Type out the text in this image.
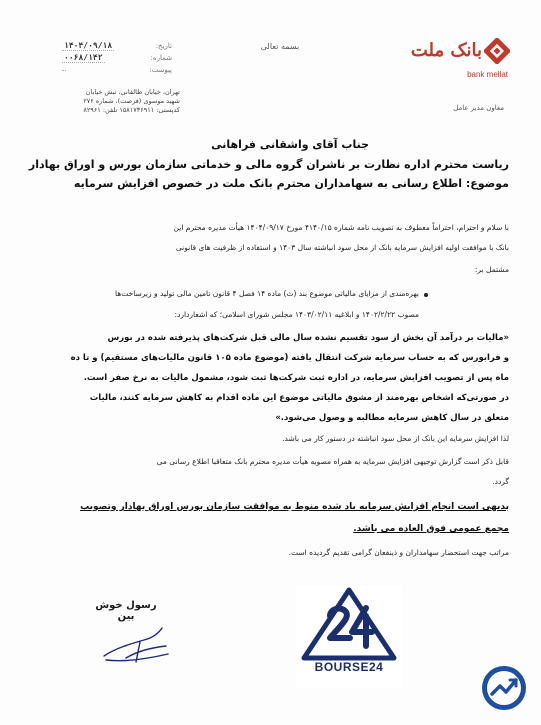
بسمه تعالی
تاریخ:
۱۴۰۴/۰۹/۱۸
شماره:
۰۰۶۸/۱۴۲
پیوست:
تهران، خیابان طالقانی، نبش خیابان
شهید موسوی (فرصت)، شماره ۲۷۶
کدپستی: ۱۵۸۱۷۳۶۹۱۱ تلفن: ۸۲۹۶۱
بانک ملت
bank mellat
معاون مدیر عامل
جناب آقای واشقانی فراهانی
ریاست محترم اداره نظارت بر ناشران گروه مالی و خدماتی سازمان بورس و اوراق بهادار
موضوع: اطلاع رسانی به سهامداران محترم بانک ملت در خصوص افزایش سرمایه
با سلام و احترام، احتراماً معطوف به تصویب نامه شماره ۴۱۴۰/۱۵ مورخ ۱۴۰۴/۰۹/۱۷ هیأت مدیره محترم این
بانک با موافقت اولیه افزایش سرمایه بانک از محل سود انباشته سال ۱۴۰۳ و استفاده از ظرفیت های قانونی
مشتمل بر:
بهره‌مندی از مزایای مالیاتی موضوع بند (ث) ماده ۱۴ فصل ۴ قانون تامین مالی تولید و زیرساخت‌ها
مصوب ۱۴۰۲/۲/۲۲ و ابلاغیه ۱۴۰۳/۰۲/۱۱ مجلس شورای اسلامی؛ که اشعاردارد:
«مالیات بر درآمد آن بخش از سود تقسیم نشده سال مالی قبل شرکت‌های پذیرفته شده در بورس
و فرابورس که به حساب سرمایه شرکت انتقال یافته (موضوع ماده ۱۰۵ قانون مالیات‌های مستقیم) و تا ده
ماه پس از تصویب افزایش سرمایه، در اداره ثبت شرکت‌ها ثبت شود، مشمول مالیات به نرخ صفر است.
در صورتی‌که اشخاص بهره‌مند از مشوق مالیاتی موضوع این ماده اقدام به کاهش سرمایه کنند، مالیات
متعلق در سال کاهش سرمایه مطالبه و وصول می‌شود.»
لذا افزایش سرمایه این بانک از محل سود انباشته در دستور کار می باشد.
قابل ذکر است گزارش توجیهی افزایش سرمایه به همراه مصوبه هیأت مدیره محترم بانک متعاقبا اطلاع رسانی می
گردد.
بدیهی است انجام افزایش سرمایه یاد شده منوط به موافقت سازمان بورس اوراق بهادار وتصویب
مجمع عمومی فوق العاده می باشد.
مراتب جهت استحضار سهامداران و ذینفعان گرامی تقدیم گردیده است.
رسول خوش بین
BOURSE24
